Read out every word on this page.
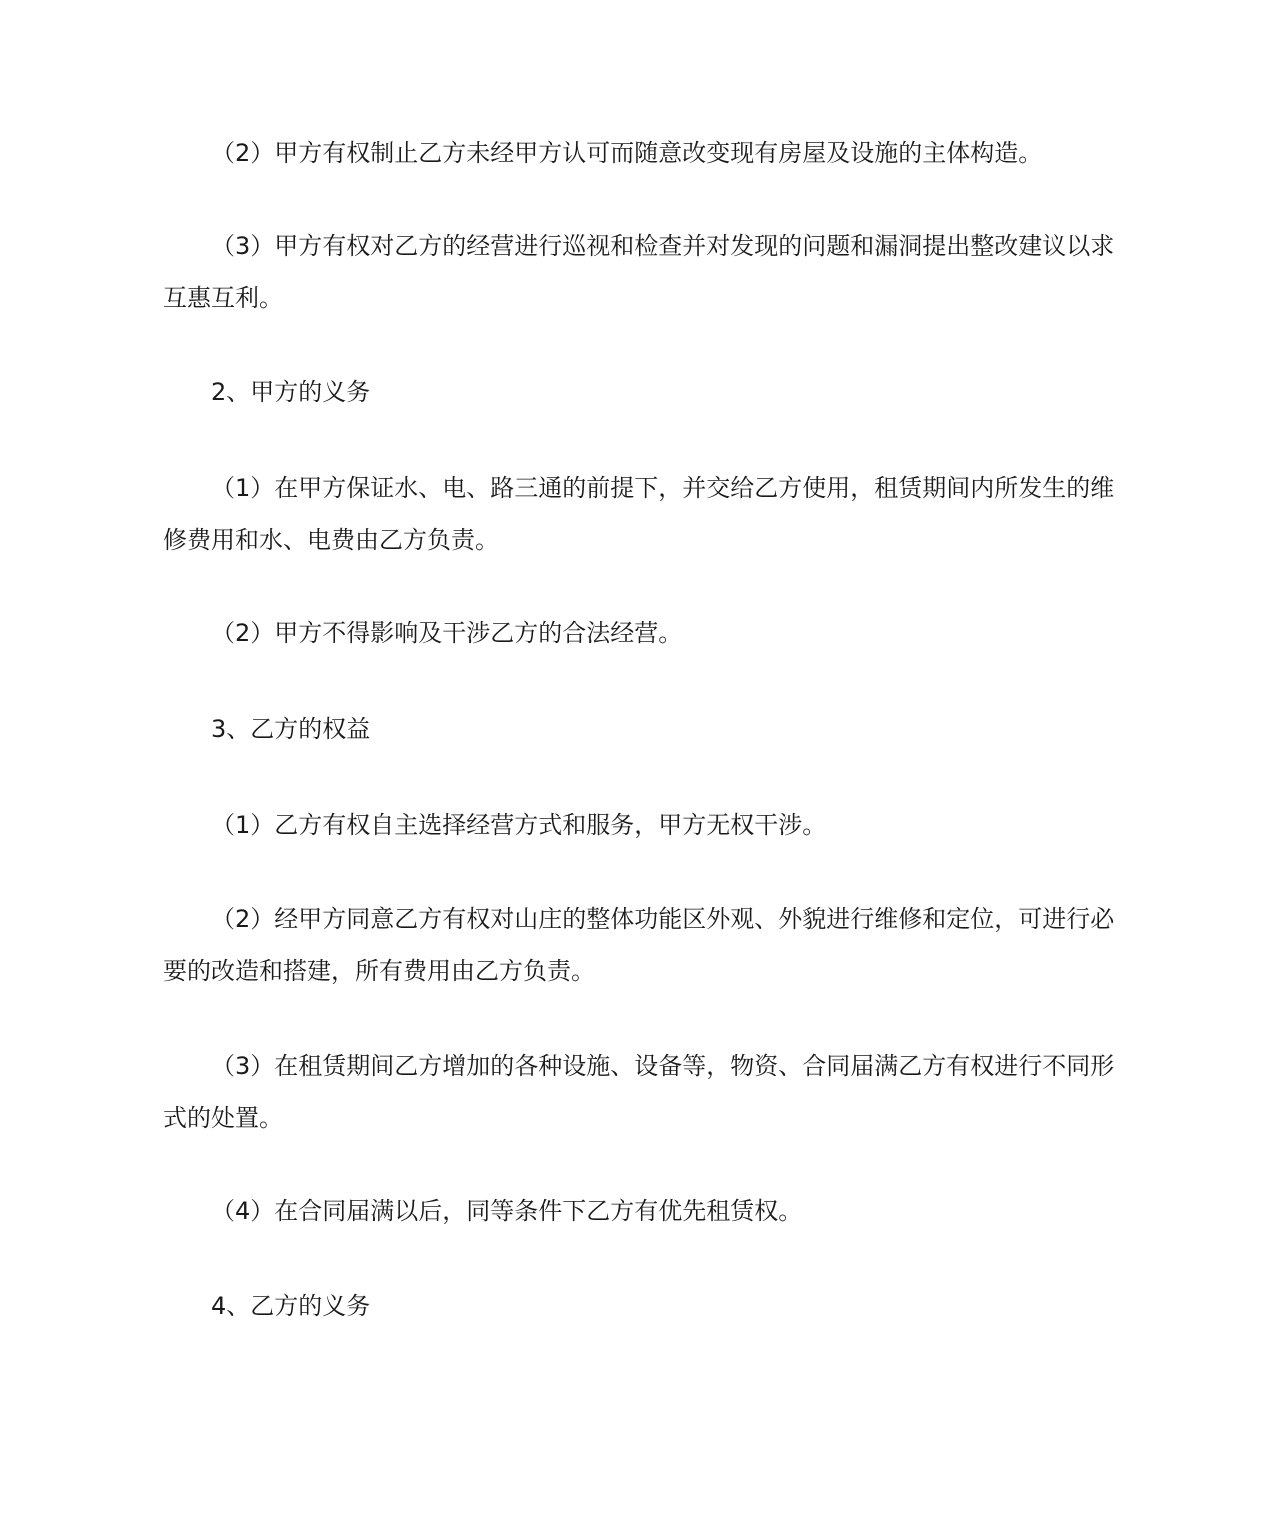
（2）甲方有权制止乙方未经甲方认可而随意改变现有房屋及设施的主体构造。

（3）甲方有权对乙方的经营进行巡视和检查并对发现的问题和漏洞提出整改建议以求互惠互利。

2、甲方的义务

（1）在甲方保证水、电、路三通的前提下，并交给乙方使用，租赁期间内所发生的维修费用和水、电费由乙方负责。

（2）甲方不得影响及干涉乙方的合法经营。

3、乙方的权益

（1）乙方有权自主选择经营方式和服务，甲方无权干涉。

（2）经甲方同意乙方有权对山庄的整体功能区外观、外貌进行维修和定位，可进行必要的改造和搭建，所有费用由乙方负责。

（3）在租赁期间乙方增加的各种设施、设备等，物资、合同届满乙方有权进行不同形式的处置。

（4）在合同届满以后，同等条件下乙方有优先租赁权。

4、乙方的义务
